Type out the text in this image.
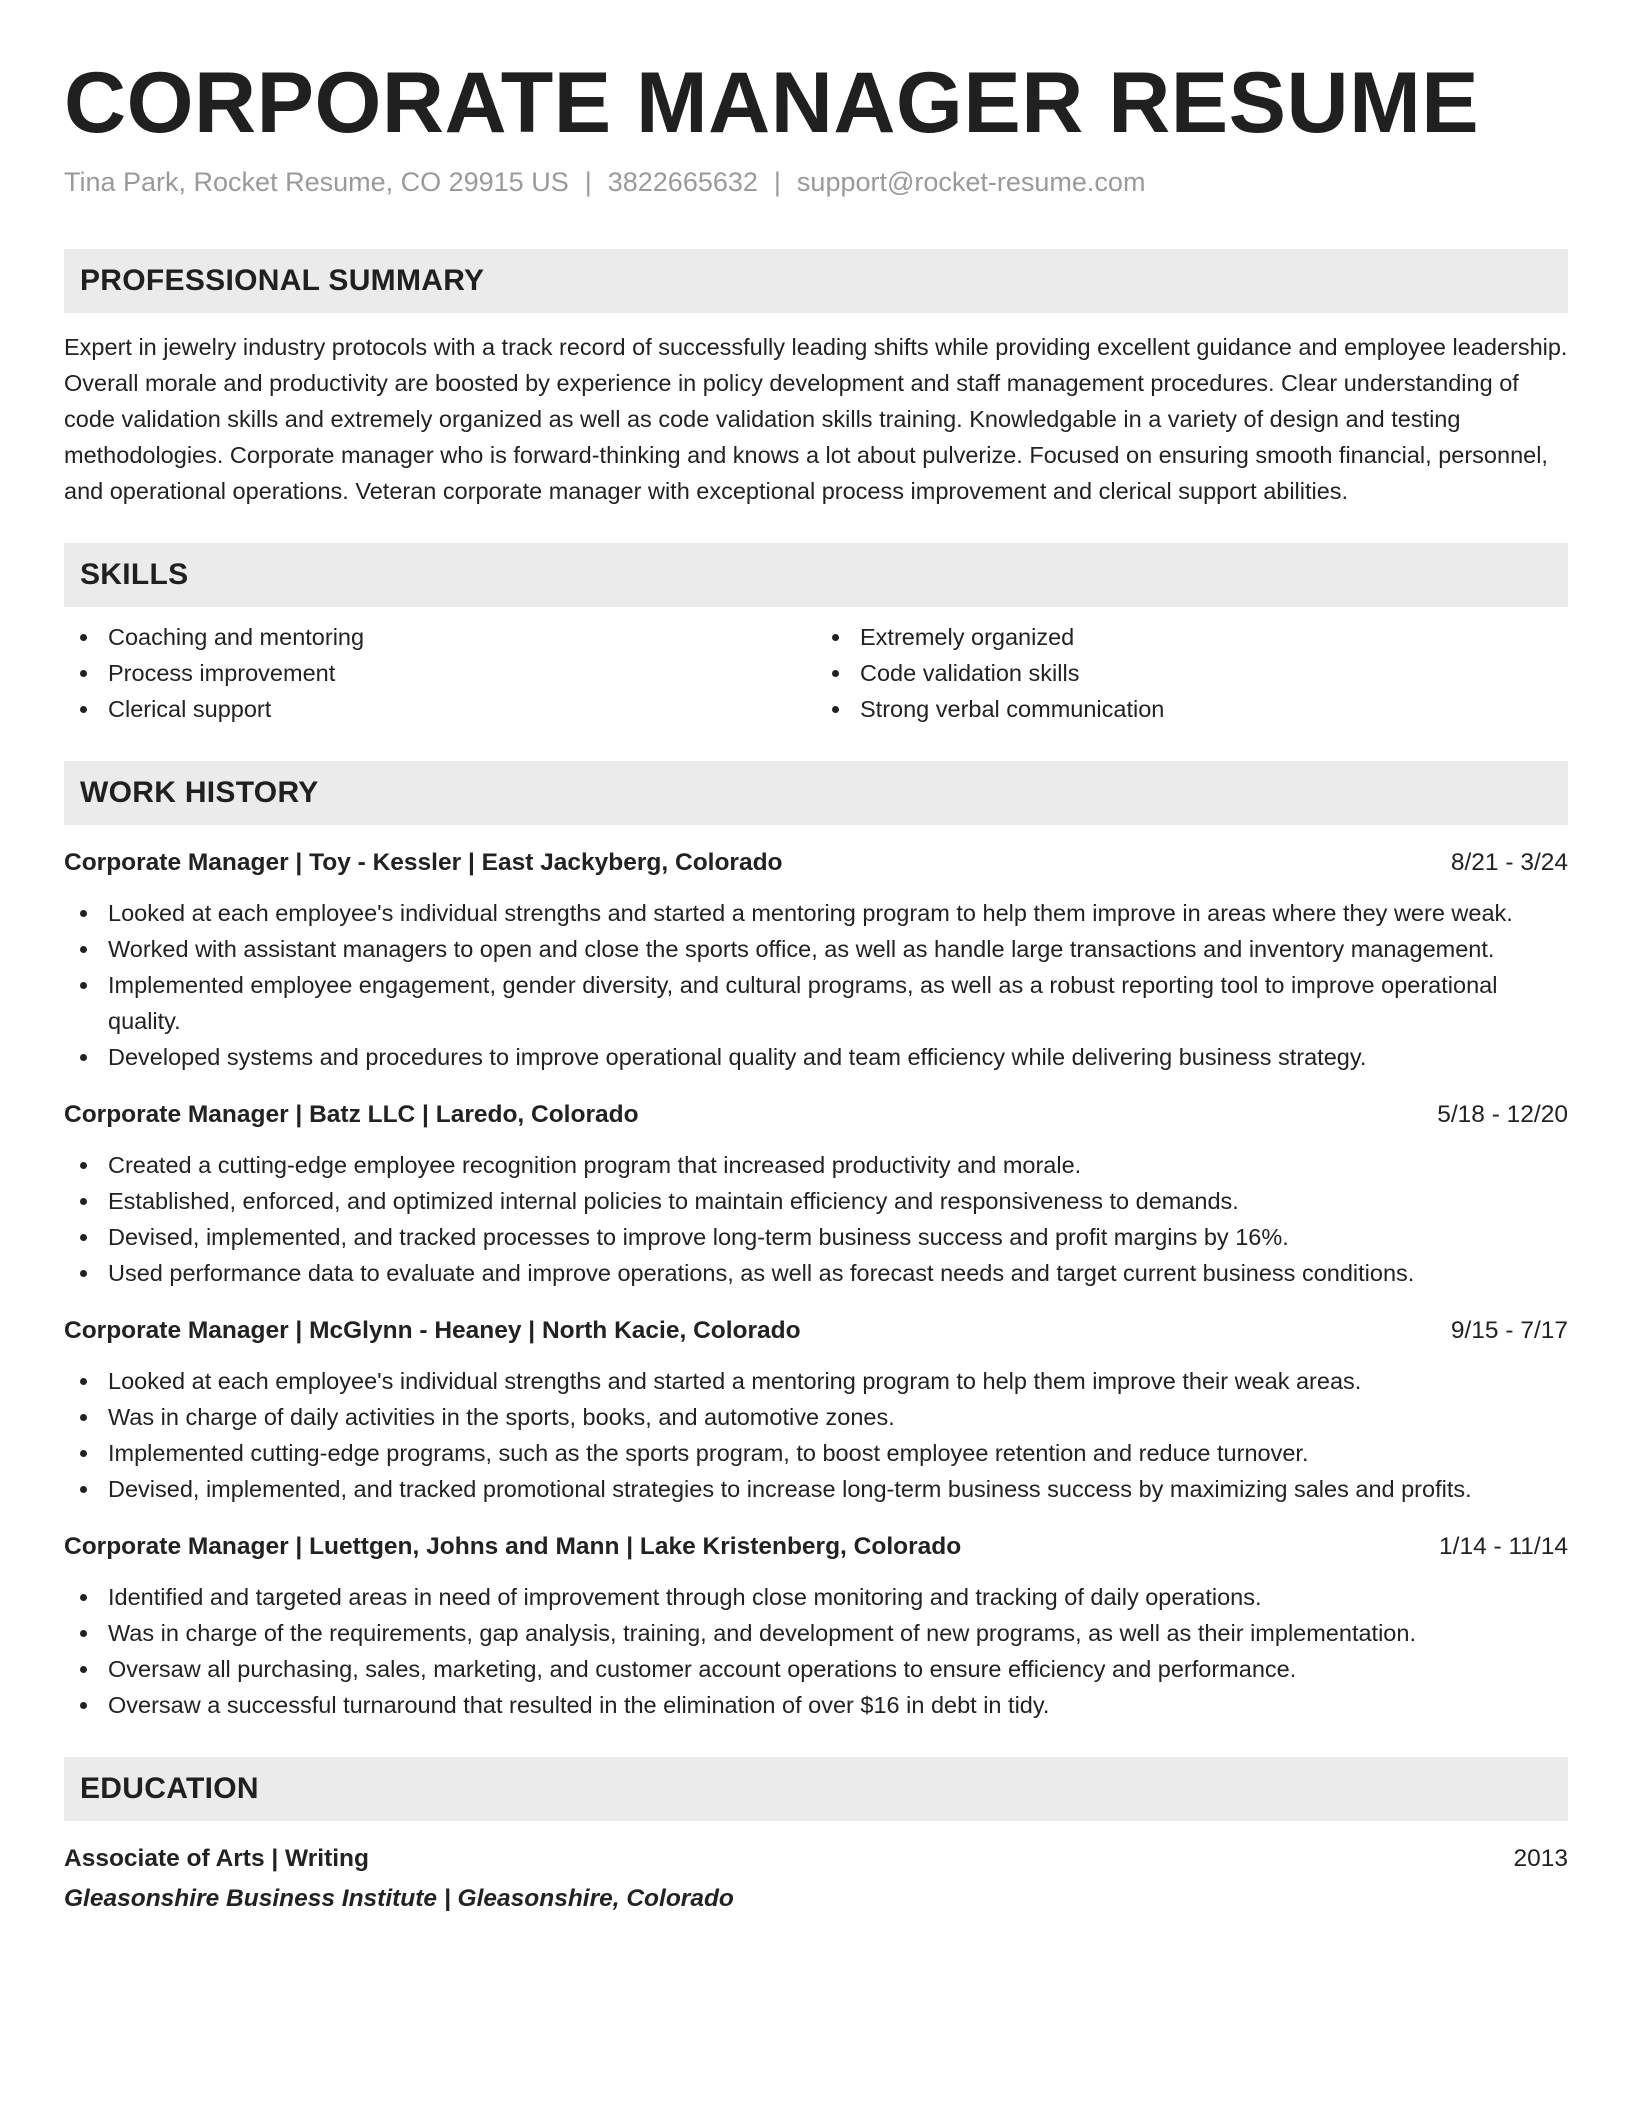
CORPORATE MANAGER RESUME
Tina Park, Rocket Resume, CO 29915 US | 3822665632 | support@rocket-resume.com
PROFESSIONAL SUMMARY
Expert in jewelry industry protocols with a track record of successfully leading shifts while providing excellent guidance and employee leadership. Overall morale and productivity are boosted by experience in policy development and staff management procedures. Clear understanding of code validation skills and extremely organized as well as code validation skills training. Knowledgable in a variety of design and testing methodologies. Corporate manager who is forward-thinking and knows a lot about pulverize. Focused on ensuring smooth financial, personnel, and operational operations. Veteran corporate manager with exceptional process improvement and clerical support abilities.
SKILLS
Coaching and mentoring
Process improvement
Clerical support
Extremely organized
Code validation skills
Strong verbal communication
WORK HISTORY
Corporate Manager | Toy - Kessler | East Jackyberg, Colorado	8/21 - 3/24
Looked at each employee's individual strengths and started a mentoring program to help them improve in areas where they were weak.
Worked with assistant managers to open and close the sports office, as well as handle large transactions and inventory management.
Implemented employee engagement, gender diversity, and cultural programs, as well as a robust reporting tool to improve operational quality.
Developed systems and procedures to improve operational quality and team efficiency while delivering business strategy.
Corporate Manager | Batz LLC | Laredo, Colorado	5/18 - 12/20
Created a cutting-edge employee recognition program that increased productivity and morale.
Established, enforced, and optimized internal policies to maintain efficiency and responsiveness to demands.
Devised, implemented, and tracked processes to improve long-term business success and profit margins by 16%.
Used performance data to evaluate and improve operations, as well as forecast needs and target current business conditions.
Corporate Manager | McGlynn - Heaney | North Kacie, Colorado	9/15 - 7/17
Looked at each employee's individual strengths and started a mentoring program to help them improve their weak areas.
Was in charge of daily activities in the sports, books, and automotive zones.
Implemented cutting-edge programs, such as the sports program, to boost employee retention and reduce turnover.
Devised, implemented, and tracked promotional strategies to increase long-term business success by maximizing sales and profits.
Corporate Manager | Luettgen, Johns and Mann | Lake Kristenberg, Colorado	1/14 - 11/14
Identified and targeted areas in need of improvement through close monitoring and tracking of daily operations.
Was in charge of the requirements, gap analysis, training, and development of new programs, as well as their implementation.
Oversaw all purchasing, sales, marketing, and customer account operations to ensure efficiency and performance.
Oversaw a successful turnaround that resulted in the elimination of over $16 in debt in tidy.
EDUCATION
Associate of Arts | Writing	2013
Gleasonshire Business Institute | Gleasonshire, Colorado
